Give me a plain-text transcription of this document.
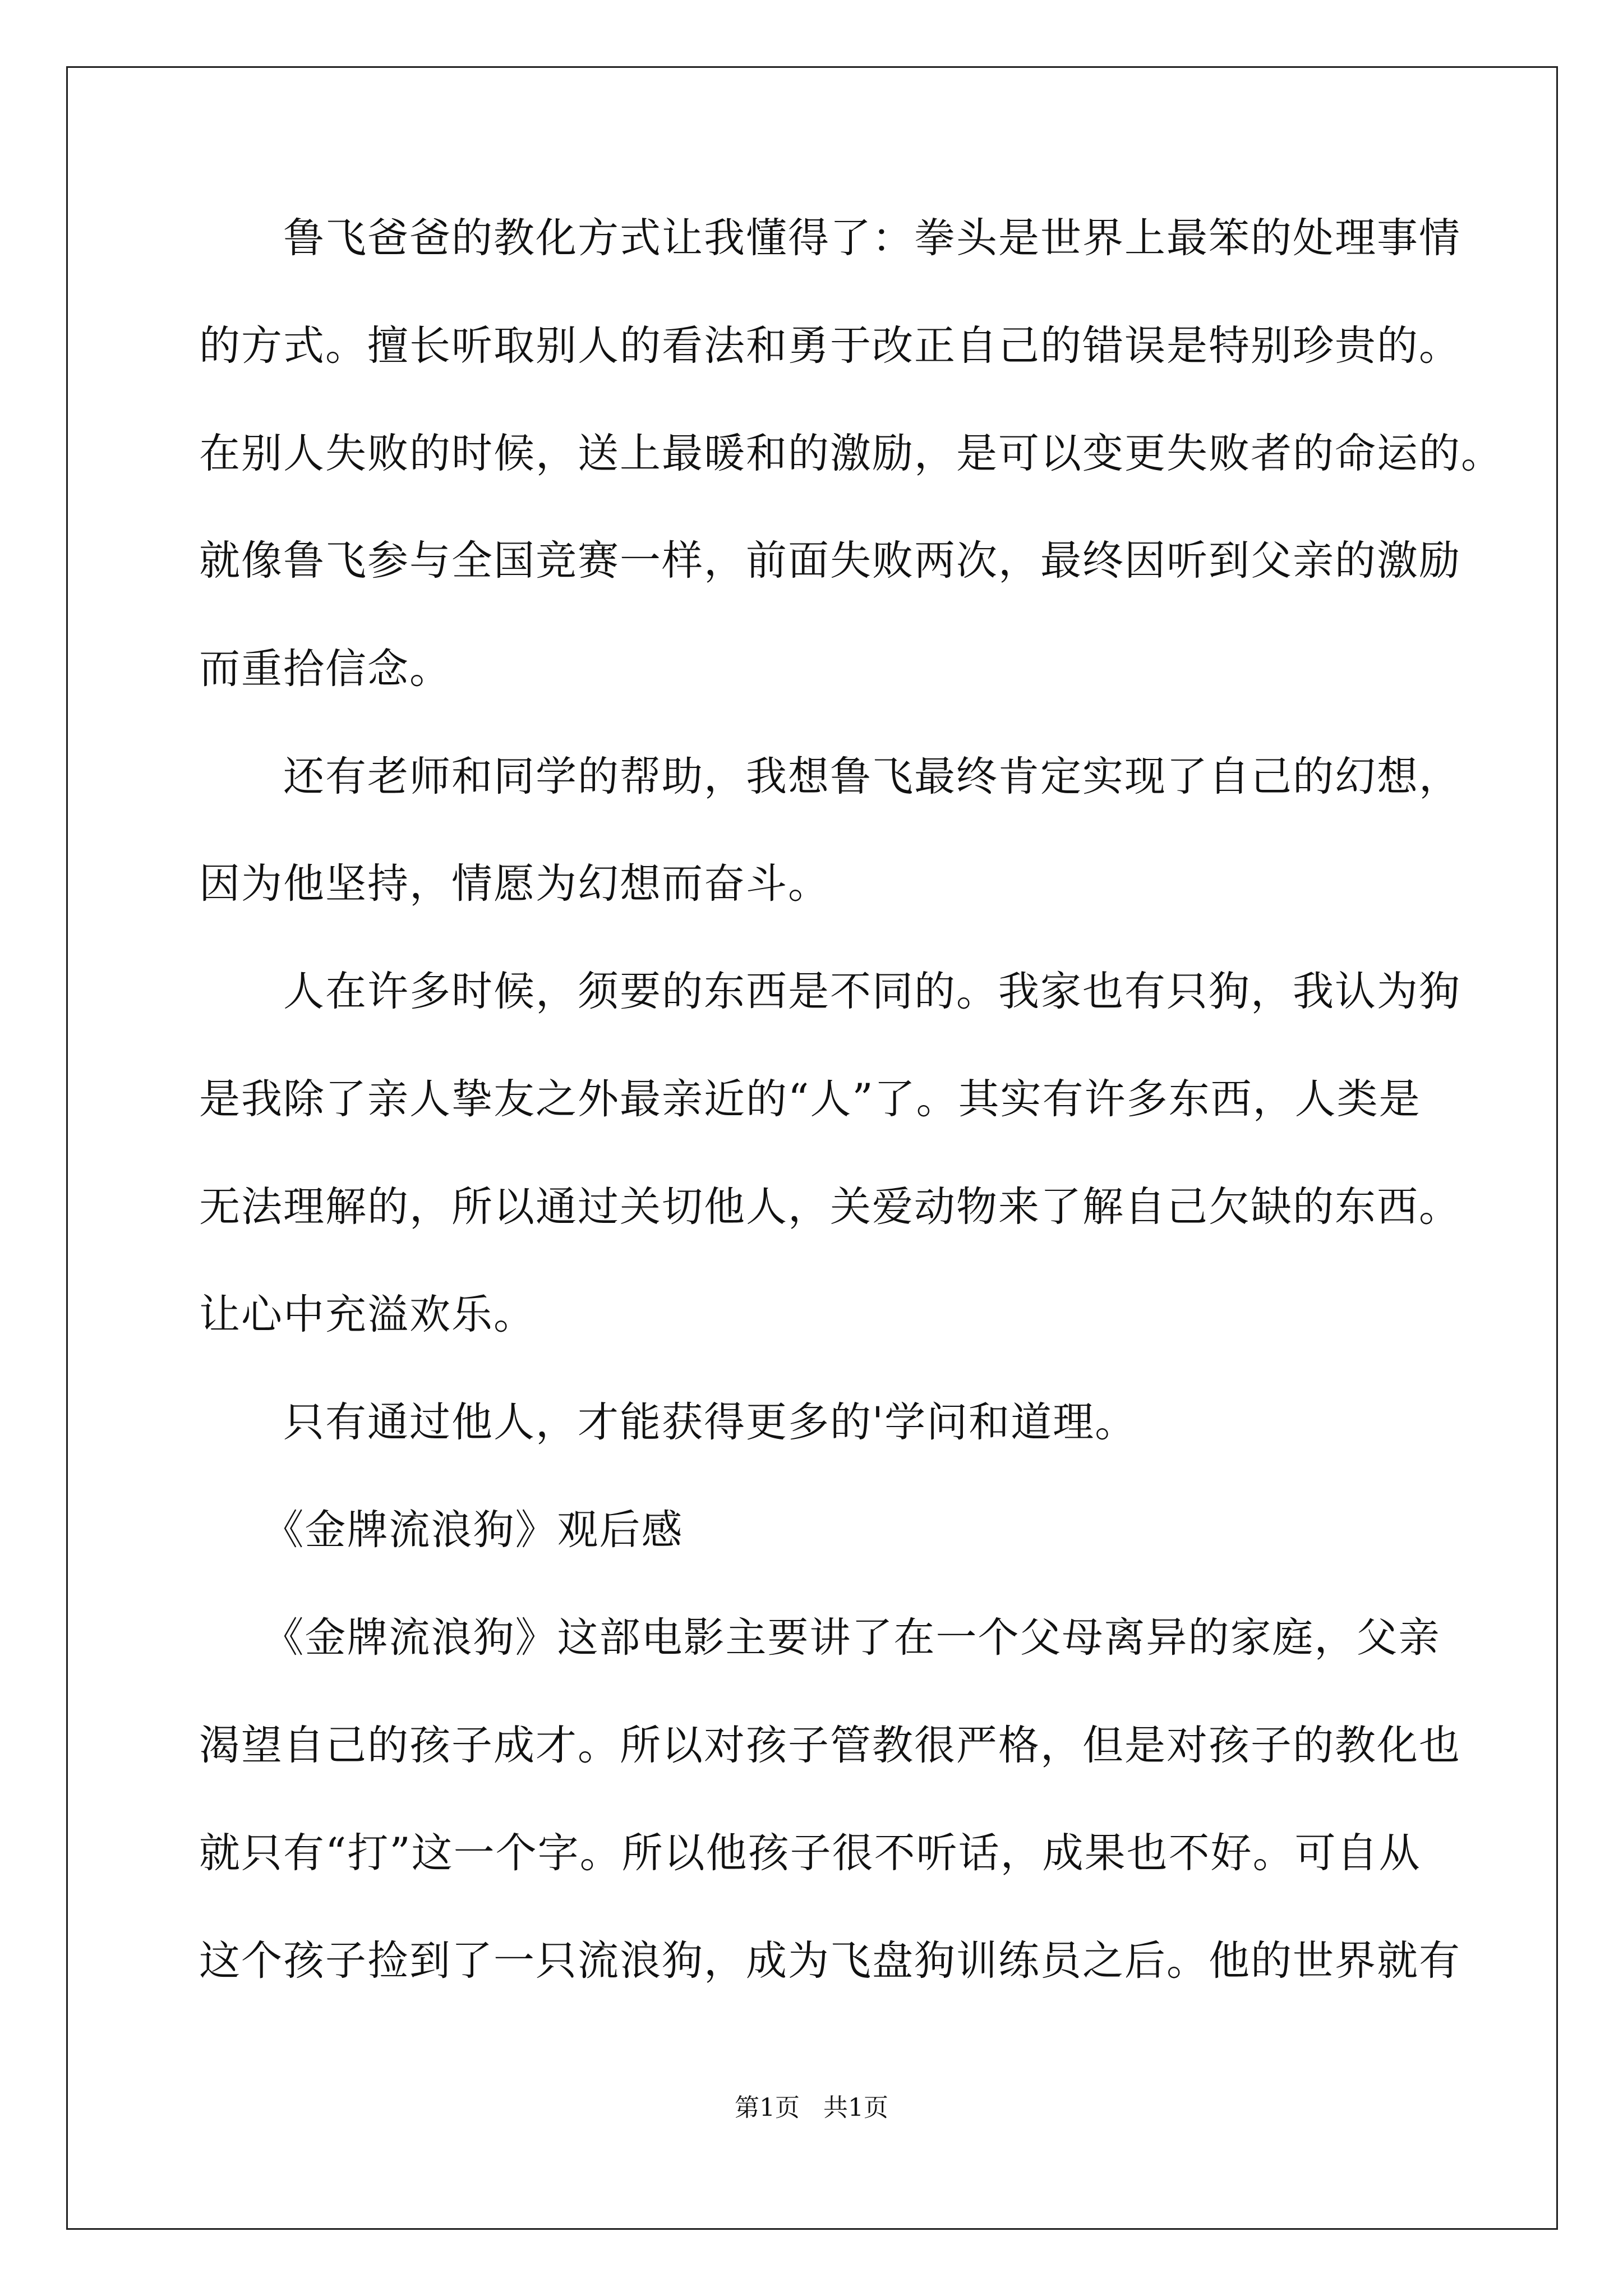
　　鲁飞爸爸的教化方式让我懂得了：拳头是世界上最笨的处理事情
的方式。擅长听取别人的看法和勇于改正自己的错误是特别珍贵的。
在别人失败的时候，送上最暖和的激励，是可以变更失败者的命运的。
就像鲁飞参与全国竞赛一样，前面失败两次，最终因听到父亲的激励
而重拾信念。
　　还有老师和同学的帮助，我想鲁飞最终肯定实现了自己的幻想，
因为他坚持，情愿为幻想而奋斗。
　　人在许多时候，须要的东西是不同的。我家也有只狗，我认为狗
是我除了亲人挚友之外最亲近的“人”了。其实有许多东西，人类是
无法理解的，所以通过关切他人，关爱动物来了解自己欠缺的东西。
让心中充溢欢乐。
　　只有通过他人，才能获得更多的'学问和道理。
　　《金牌流浪狗》观后感
　　《金牌流浪狗》这部电影主要讲了在一个父母离异的家庭，父亲
渴望自己的孩子成才。所以对孩子管教很严格，但是对孩子的教化也
就只有“打”这一个字。所以他孩子很不听话，成果也不好。可自从
这个孩子捡到了一只流浪狗，成为飞盘狗训练员之后。他的世界就有
第1页   共1页
